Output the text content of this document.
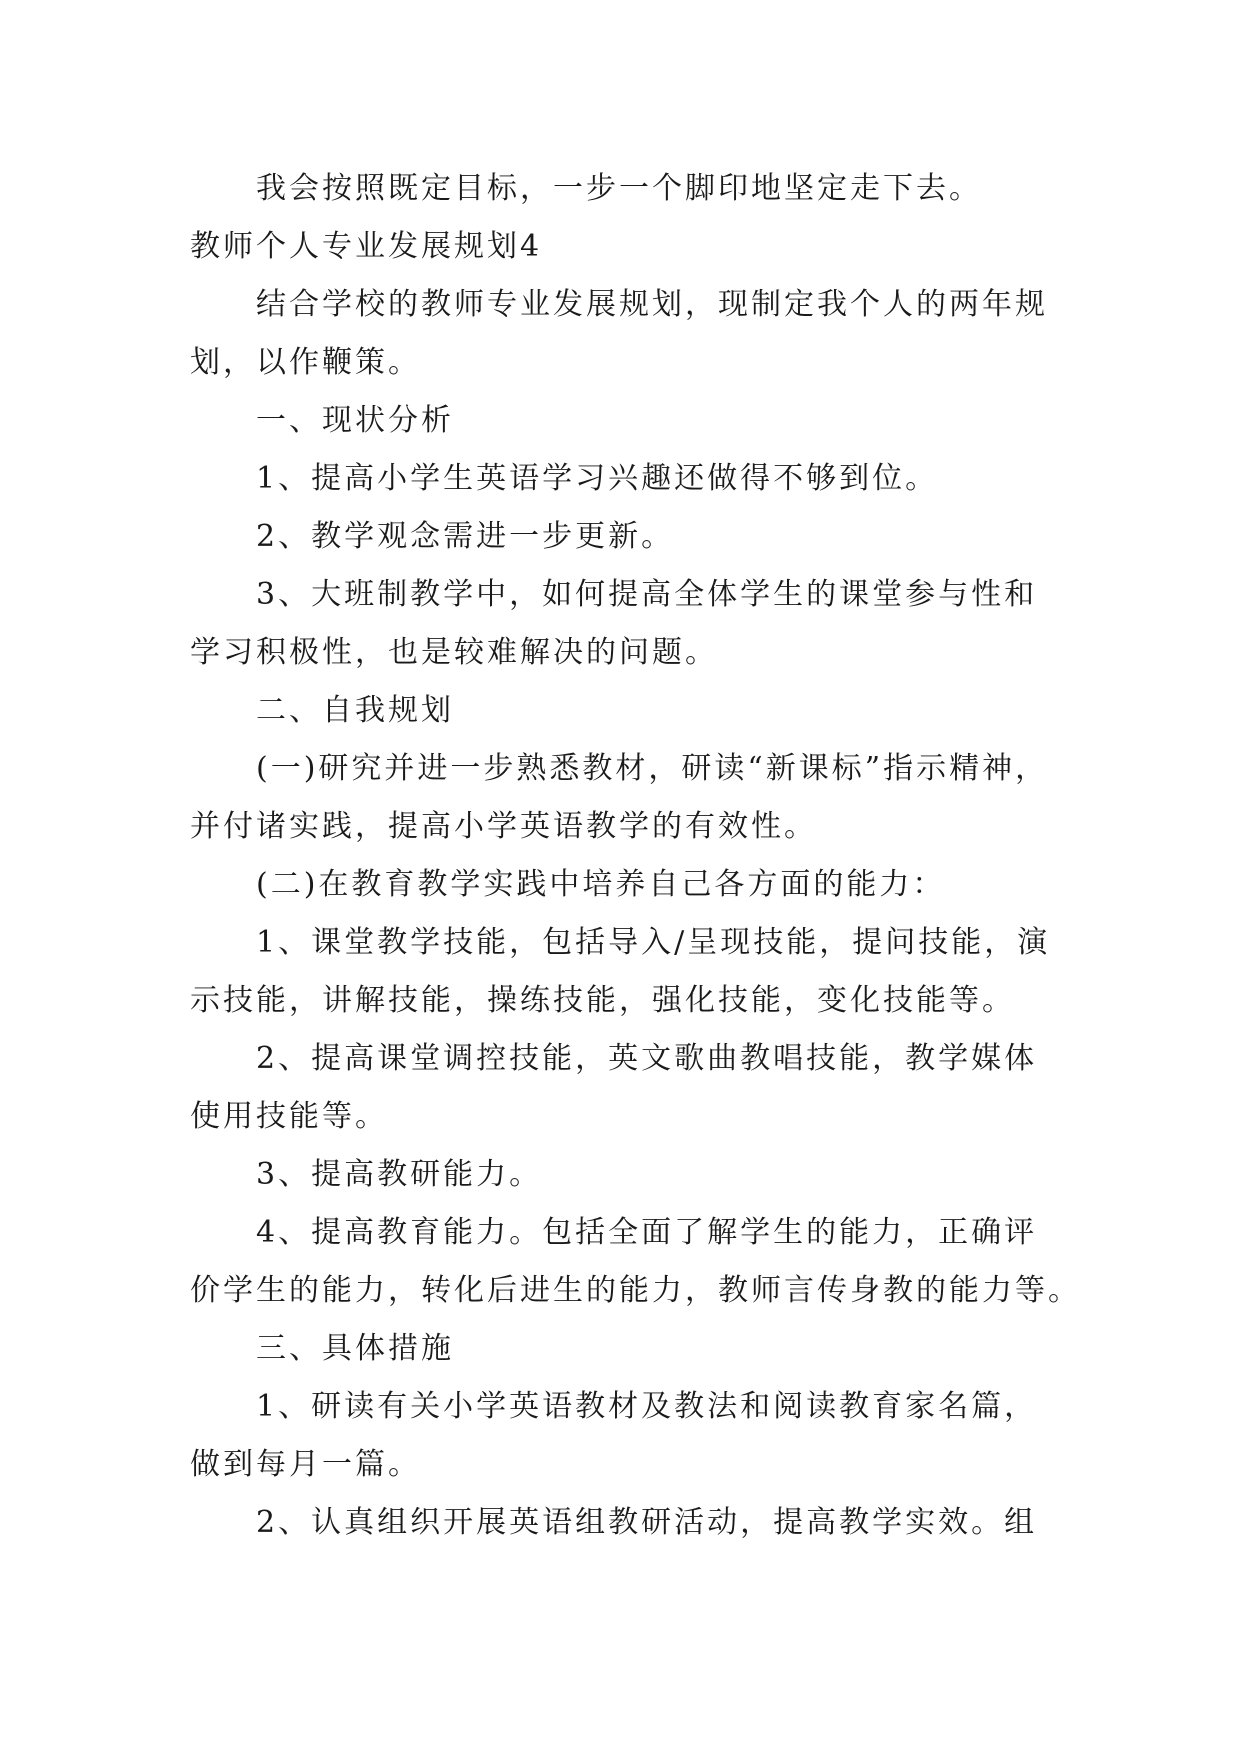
我会按照既定目标，一步一个脚印地坚定走下去。

教师个人专业发展规划4

结合学校的教师专业发展规划，现制定我个人的两年规

划，以作鞭策。

一、现状分析

1、提高小学生英语学习兴趣还做得不够到位。

2、教学观念需进一步更新。

3、大班制教学中，如何提高全体学生的课堂参与性和

学习积极性，也是较难解决的问题。

二、自我规划

(一)研究并进一步熟悉教材，研读“新课标”指示精神，

并付诸实践，提高小学英语教学的有效性。

(二)在教育教学实践中培养自己各方面的能力：

1、课堂教学技能，包括导入/呈现技能，提问技能，演

示技能，讲解技能，操练技能，强化技能，变化技能等。

2、提高课堂调控技能，英文歌曲教唱技能，教学媒体

使用技能等。

3、提高教研能力。

4、提高教育能力。包括全面了解学生的能力，正确评

价学生的能力，转化后进生的能力，教师言传身教的能力等。

三、具体措施

1、研读有关小学英语教材及教法和阅读教育家名篇，

做到每月一篇。

2、认真组织开展英语组教研活动，提高教学实效。组
